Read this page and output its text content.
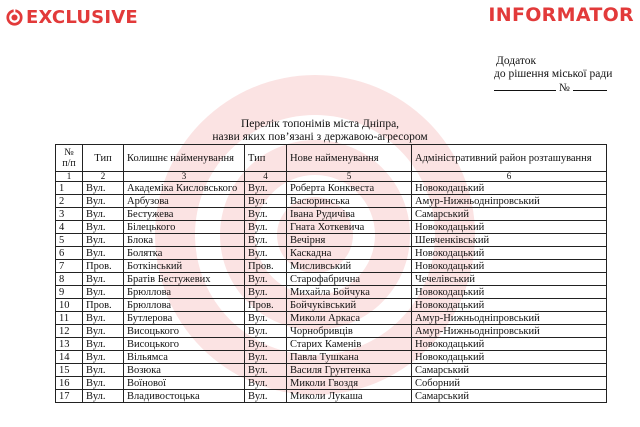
EXCLUSIVE	INFORMATOR
Додаток
до рішення міської ради
№
Перелік топонімів міста Дніпра,
назви яких пов’язані з державою-агресором
№
п/п	Тип	Колишнє найменування	Тип	Нове найменування	Адміністративний район розташування
1	2	3	4	5	6
1	Вул.	Академіка Кисловського	Вул.	Роберта Конквеста	Новокодацький
2	Вул.	Арбузова	Вул.	Васюринська	Амур-Нижньодніпровський
3	Вул.	Бестужева	Вул.	Івана Рудичіва	Самарський
4	Вул.	Білецького	Вул.	Гната Хоткевича	Новокодацький
5	Вул.	Блока	Вул.	Вечірня	Шевченківський
6	Вул.	Болятка	Вул.	Каскадна	Новокодацький
7	Пров.	Боткінський	Пров.	Мисливський	Новокодацький
8	Вул.	Братів Бестужевих	Вул.	Старофабрична	Чечелівський
9	Вул.	Брюллова	Вул.	Михайла Бойчука	Новокодацький
10	Пров.	Брюллова	Пров.	Бойчуківський	Новокодацький
11	Вул.	Бутлерова	Вул.	Миколи Аркаса	Амур-Нижньодніпровський
12	Вул.	Висоцького	Вул.	Чорнобривців	Амур-Нижньодніпровський
13	Вул.	Висоцького	Вул.	Старих Каменів	Новокодацький
14	Вул.	Вільямса	Вул.	Павла Тушкана	Новокодацький
15	Вул.	Возюка	Вул.	Василя Грунтенка	Самарський
16	Вул.	Воїнової	Вул.	Миколи Гвоздя	Соборний
17	Вул.	Владивостоцька	Вул.	Миколи Лукаша	Самарський
